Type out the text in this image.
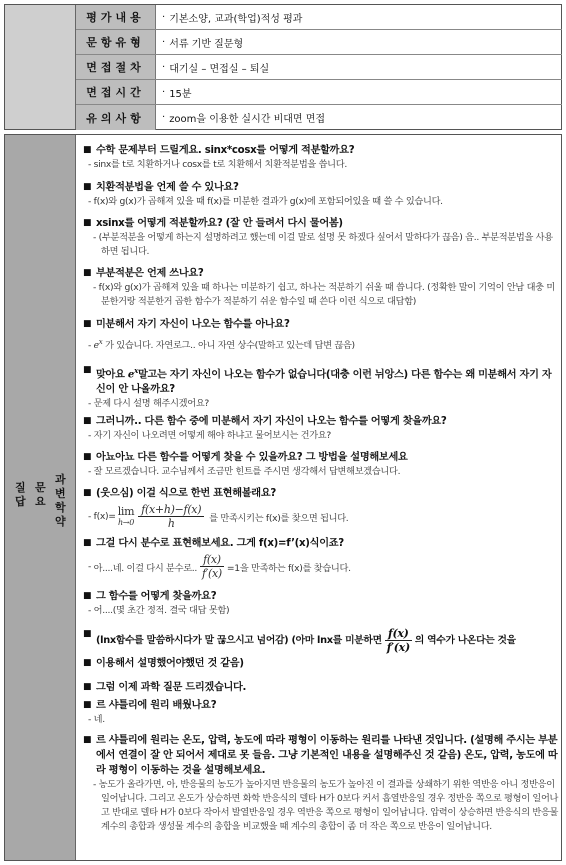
평가내용	· 기본소양, 교과(학업)적성 평과
문항유형	· 서류 기반 질문형
면접절차	· 대기실 – 면접실 – 퇴실
면접시간	· 15분
유의사항	· zoom을 이용한 실시간 비대면 면접
질
답
문
요
과
변
학
약
■ 수학 문제부터 드릴게요. sinx*cosx를 어떻게 적분할까요?
- sinx를 t로 치환하거나 cosx를 t로 치환해서 치환적분법을 씁니다.
■ 치환적분법을 언제 쓸 수 있나요?
- f(x)와 g(x)가 곱해져 있을 때 f(x)를 미분한 결과가 g(x)에 포함되어있을 때 쓸 수 있습니다.
■ xsinx를 어떻게 적분할까요? (잘 안 들려서 다시 물어봄)
- (부분적분을 어떻게 하는지 설명하려고 했는데 이걸 말로 설명 못 하겠다 싶어서 말하다가 끊음) 음.. 부분적분법을 사용하면 됩니다.
■ 부분적분은 언제 쓰나요?
- f(x)와 g(x)가 곱해져 있을 때 하나는 미분하기 쉽고, 하나는 적분하기 쉬울 때 씁니다. (정확한 말이 기억이 안남 대충 미분한거랑 적분한거 곱한 함수가 적분하기 쉬운 함수일 때 쓴다 이런 식으로 대답함)
■ 미분해서 자기 자신이 나오는 함수를 아나요?
- $e^x$ 가 있습니다. 자연로그.. 아니 자연 상수(말하고 있는데 답변 끊음)
■ 맞아요 $e^x$말고는 자기 자신이 나오는 함수가 없습니다(대충 이런 뉘앙스) 다른 함수는 왜 미분해서 자기 자신이 안 나올까요?
- 문제 다시 설명 해주시겠어요?
■ 그러니까.. 다른 함수 중에 미분해서 자기 자신이 나오는 함수를 어떻게 찾을까요?
- 자기 자신이 나오려면 어떻게 해야 하냐고 물어보시는 건가요?
■ 아뇨아뇨 다른 함수를 어떻게 찾을 수 있을까요? 그 방법을 설명해보세요
- 잘 모르겠습니다. 교수님께서 조금만 힌트를 주시면 생각해서 답변해보겠습니다.
■ (웃으심) 이걸 식으로 한번 표현해볼래요?
- f(x)= lim
$h\to 0 \frac{f(x+h)-f(x)}{h}$ 를 만족시키는 f(x)를 찾으면 됩니다.
■ 그걸 다시 분수로 표현해보세요. 그게 f(x)=f’(x)식이죠?
- 아....네. 이걸 다시 분수로.. $\frac{f(x)}{f'(x)} =1$을 만족하는 f(x)를 찾습니다.
■ 그 함수를 어떻게 찾을까요?
- 어....(몇 초간 정적. 결국 대답 못함)
■ (lnx함수를 말씀하시다가 말 끊으시고 넘어감) (아마 lnx를 미분하면 $\frac{f(x)}{f'(x)}$ 의 역수가 나온다는 것을
■ 이용해서 설명했어야했던 것 같음)
■ 그럼 이제 과학 질문 드리겠습니다.
■ 르 샤틀리에 원리 배웠나요?
- 네.
■ 르 샤틀리에 원리는 온도, 압력, 농도에 따라 평형이 이동하는 원리를 나타낸 것입니다. (설명해 주시는 부분에서 연결이 잘 안 되어서 제대로 못 들음. 그냥 기본적인 내용을 설명해주신 것 같음) 온도, 압력, 농도에 따라 평형이 이동하는 것을 설명해보세요.
- 농도가 올라가면, 아, 반응물의 농도가 높아지면 반응물의 농도가 높아진 이 결과를 상쇄하기 위한 역반응 아니 정반응이 일어납니다. 그리고 온도가 상승하면 화학 반응식의 델타 H가 0보다 커서 흡열반응일 경우 정반응 쪽으로 평형이 일어나고 반대로 델타 H가 0보다 작아서 발열반응일 경우 역반응 쪽으로 평형이 일어납니다. 압력이 상승하면 반응식의 반응물 계수의 총합과 생성물 계수의 총합을 비교했을 때 계수의 총합이 좀 더 작은 쪽으로 반응이 일어납니다.
